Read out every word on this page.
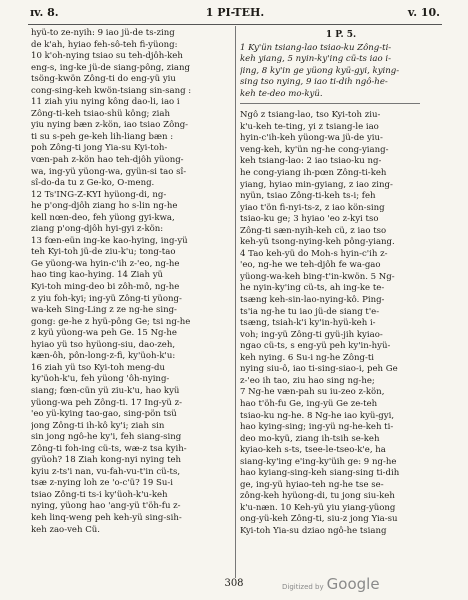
ɪv. 8.	1 PI-TEH.	v. 10.
hyü-to ze-nyih: 9 iao jü-de ts-zing
de k'ah, hyiao feh-sô-teh fi-yüong:
10 k'oh-nying tsiao su teh-djôh-keh
eng-s, ing-ke jü-de siang-pông, ziang
tsöng-kwön Zông-ti do eng-yü yiu
cong-sing-keh kwön-tsiang sin-sang :
11 ziah yiu nying kông dao-li, iao i
Zông-ti-keh tsiao-shü kông; ziah
yiu nying bæn z-kön, iao tsiao Zông-
ti su s-peh ge-keh lih-liang bæn :
poh Zông-ti jong Yia-su Kyi-toh-
vœn-pah z-kön hao teh-djôh yüong-
wa, ing-yü yüong-wa, gyün-si tao sî-
sî-do-da tu z Ge-ko, Ö-meng.
12 Ts'ING-Z-KYI hyüong-di, ng-
he p'ong-djôh ziang ho s-lin ng-he
kell nœn-deo, feh yüong gyi-kwa,
ziang p'ong-djôh hyi-gyi z-kön:
13 fœn-eün ing-ke kao-hying, ing-yü
teh Kyi-toh jü-de ziu-k'u; tong-tao
Ge yüong-wa hyin-c'ih z-'eo, ng-he
hao ting kao-hying. 14 Ziah yü
Kyi-toh ming-deo bi zôh-mô, ng-he
z yiu foh-kyi; ing-yü Zông-ti yüong-
wa-keh Sing-Ling z ze ng-he sing-
gong: ge-he z hyü-pông Ge; tsi ng-he
z kyü yüong-wa peh Ge. 15 Ng-he
hyiao yü tso hyüong-siu, dao-zeh,
kæn-ôh, pôn-long-z-fi, ky'üoh-k'u:
16 ziah yü tso Kyi-toh meng-du
ky'üoh-k'u, feh yüong 'ôh-nying-
siang; fœn-cün yü ziu-k'u, hao kyü
yüong-wa peh Zông-ti. 17 Ing-yü z-
'eo yü-kying tao-gao, sing-pön tsü
jong Zông-ti ih-kô ky'i; ziah sin
sin jong ngô-he ky'i, feh siang-sing
Zông-ti foh-ing cü-ts, wæ-z tsa kyih-
gyüoh? 18 Ziah kong-nyi nying teh
kyiu z-ts'i nan, vu-fah-vu-t'in cü-ts,
tsæ z-nying loh ze 'o-c'ü? 19 Su-i
tsiao Zông-ti ts-i ky'üoh-k'u-keh
nying, yüong hao 'ang-yü t'öh-fu z-
keh linq-weng peh keh-yü sing-sih-
keh zao-veh Cü.
1 P. 5.
1 Ky'ün tsiang-lao tsiao-ku Zông-ti-
keh yiang, 5 nyin-ky'ing cü-ts iao i-
jing, 8 ky'in ge yüong kyü-gyi, kying-
sing tso nying, 9 iao ti-dih ngô-he-
keh te-deo mo-kyü.
Ngô z tsiang-lao, tso Kyi-toh ziu-
k'u-keh te-ting, yi z tsiang-le iao
hyin-c'ih-keh yüong-wa jü-de yiu-
veng-keh, ky'ün ng-he cong-yiang-
keh tsiang-lao: 2 iao tsiao-ku ng-
he cong-yiang ih-pœn Zông-ti-keh
yiang, hyiao min-gyiang, z iao zing-
nyün, tsiao Zông-ti-keh ts-i; feh
yiao t'ön fi-nyi-ts-z, z iao kön-sing
tsiao-ku ge; 3 hyiao 'eo z-kyi tso
Zông-ti sæn-nyih-keh cü, z iao tso
keh-yü tsong-nying-keh pông-yiang.
4 Tao keh-yü do Moh-s hyin-c'ih z-
'eo, ng-he we teh-djôh fe wa-gao
yüong-wa-keh bing-t'in-kwön. 5 Ng-
he nyin-ky'ing cü-ts, ah ing-ke te-
tsæng keh-sin-lao-nying-kô. Ping-
ts'ia ng-he tu iao jü-de siang t'e-
tsæng, tsiah-k'i ky'in-hyü-keh i-
voh; ing-yü Zông-ti gyü-jih kyiao-
ngao cü-ts, s eng-yü peh ky'in-hyü-
keh nying. 6 Su-i ng-he Zông-ti
nying siu-ô, iao ti-sing-siao-i, peh Ge
z-'eo ih tao, ziu hao sing ng-he;
7 Ng-he væn-pah su iu-zeo z-kön,
hao t'öh-fu Ge, ing-yü Ge ze-teh
tsiao-ku ng-he. 8 Ng-he iao kyü-gyi,
hao kying-sing; ing-yü ng-he-keh ti-
deo mo-kyü, ziang ih-tsih se-keh
kyiao-keh s-ts, tsee-le-tseo-k'e, ha
siang-ky'ing e'ing-ky'üih ge: 9 ng-he
hao kyiang-sing-keh siang-sing ti-dih
ge, ing-yü hyiao-teh ng-he tse se-
zông-keh hyüong-di, tu jong siu-keh
k'u-næn. 10 Keh-yü yiu yiang-yüong
ong-yü-keh Zông-ti, siu-z jong Yia-su
Kyi-toh Yia-su dziao ngô-he tsiang
308	Digitized by Google
